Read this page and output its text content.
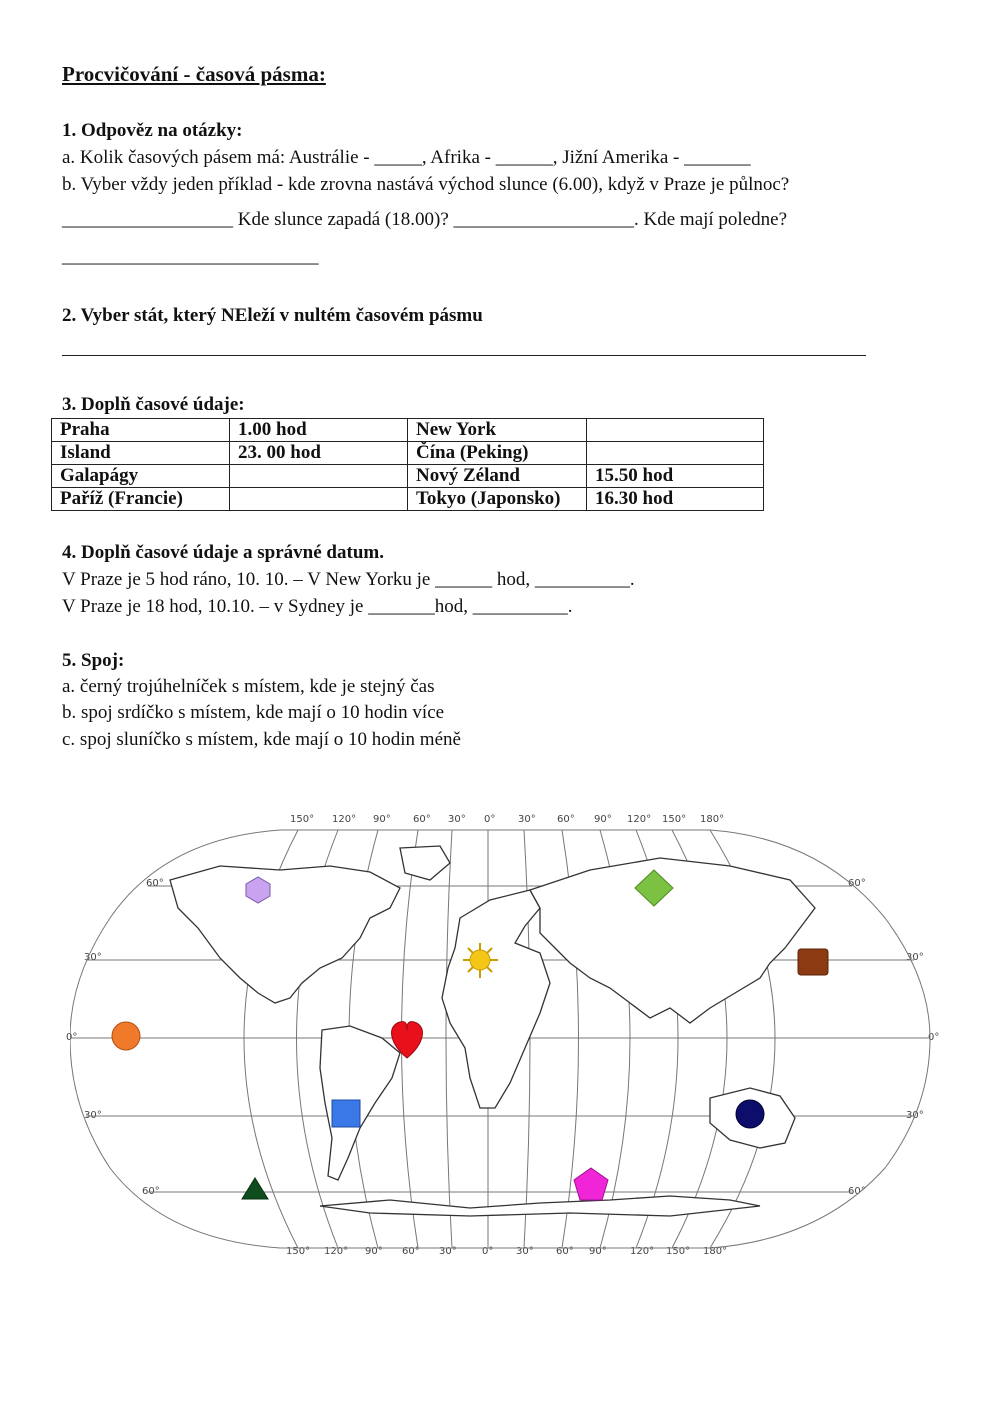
Procvičování - časová pásma:
1. Odpověz na otázky:
a. Kolik časových pásem má: Austrálie - _____, Afrika - ______, Jižní Amerika - _______
b. Vyber vždy jeden příklad - kde zrovna nastává východ slunce (6.00), když v Praze je půlnoc?
__________________ Kde slunce zapadá (18.00)? ___________________. Kde mají poledne?
___________________________
2. Vyber stát, který NEleží v nultém časovém pásmu
3. Doplň časové údaje:
Praha	1.00 hod	New York	
Island	23. 00 hod	Čína (Peking)	
Galapágy		Nový Zéland	15.50 hod
Paříž (Francie)		Tokyo (Japonsko)	16.30 hod
4. Doplň časové údaje a správné datum.
V Praze je 5 hod ráno, 10. 10. – V New Yorku je ______ hod, __________.
V Praze je 18 hod, 10.10. – v Sydney je _______hod, __________.
5. Spoj:
a. černý trojúhelníček s místem, kde je stejný čas
b. spoj srdíčko s místem, kde mají o 10 hodin více
c. spoj sluníčko s místem, kde mají o 10 hodin méně
150° 120° 90° 60° 30° 0° 30° 60° 90° 120° 150° 180°
150° 120° 90° 60° 30°	0° 30° 60° 90° 120° 150° 180°
60°
30°
0°
30°
60°
60°
30°
0°
30°
60°
